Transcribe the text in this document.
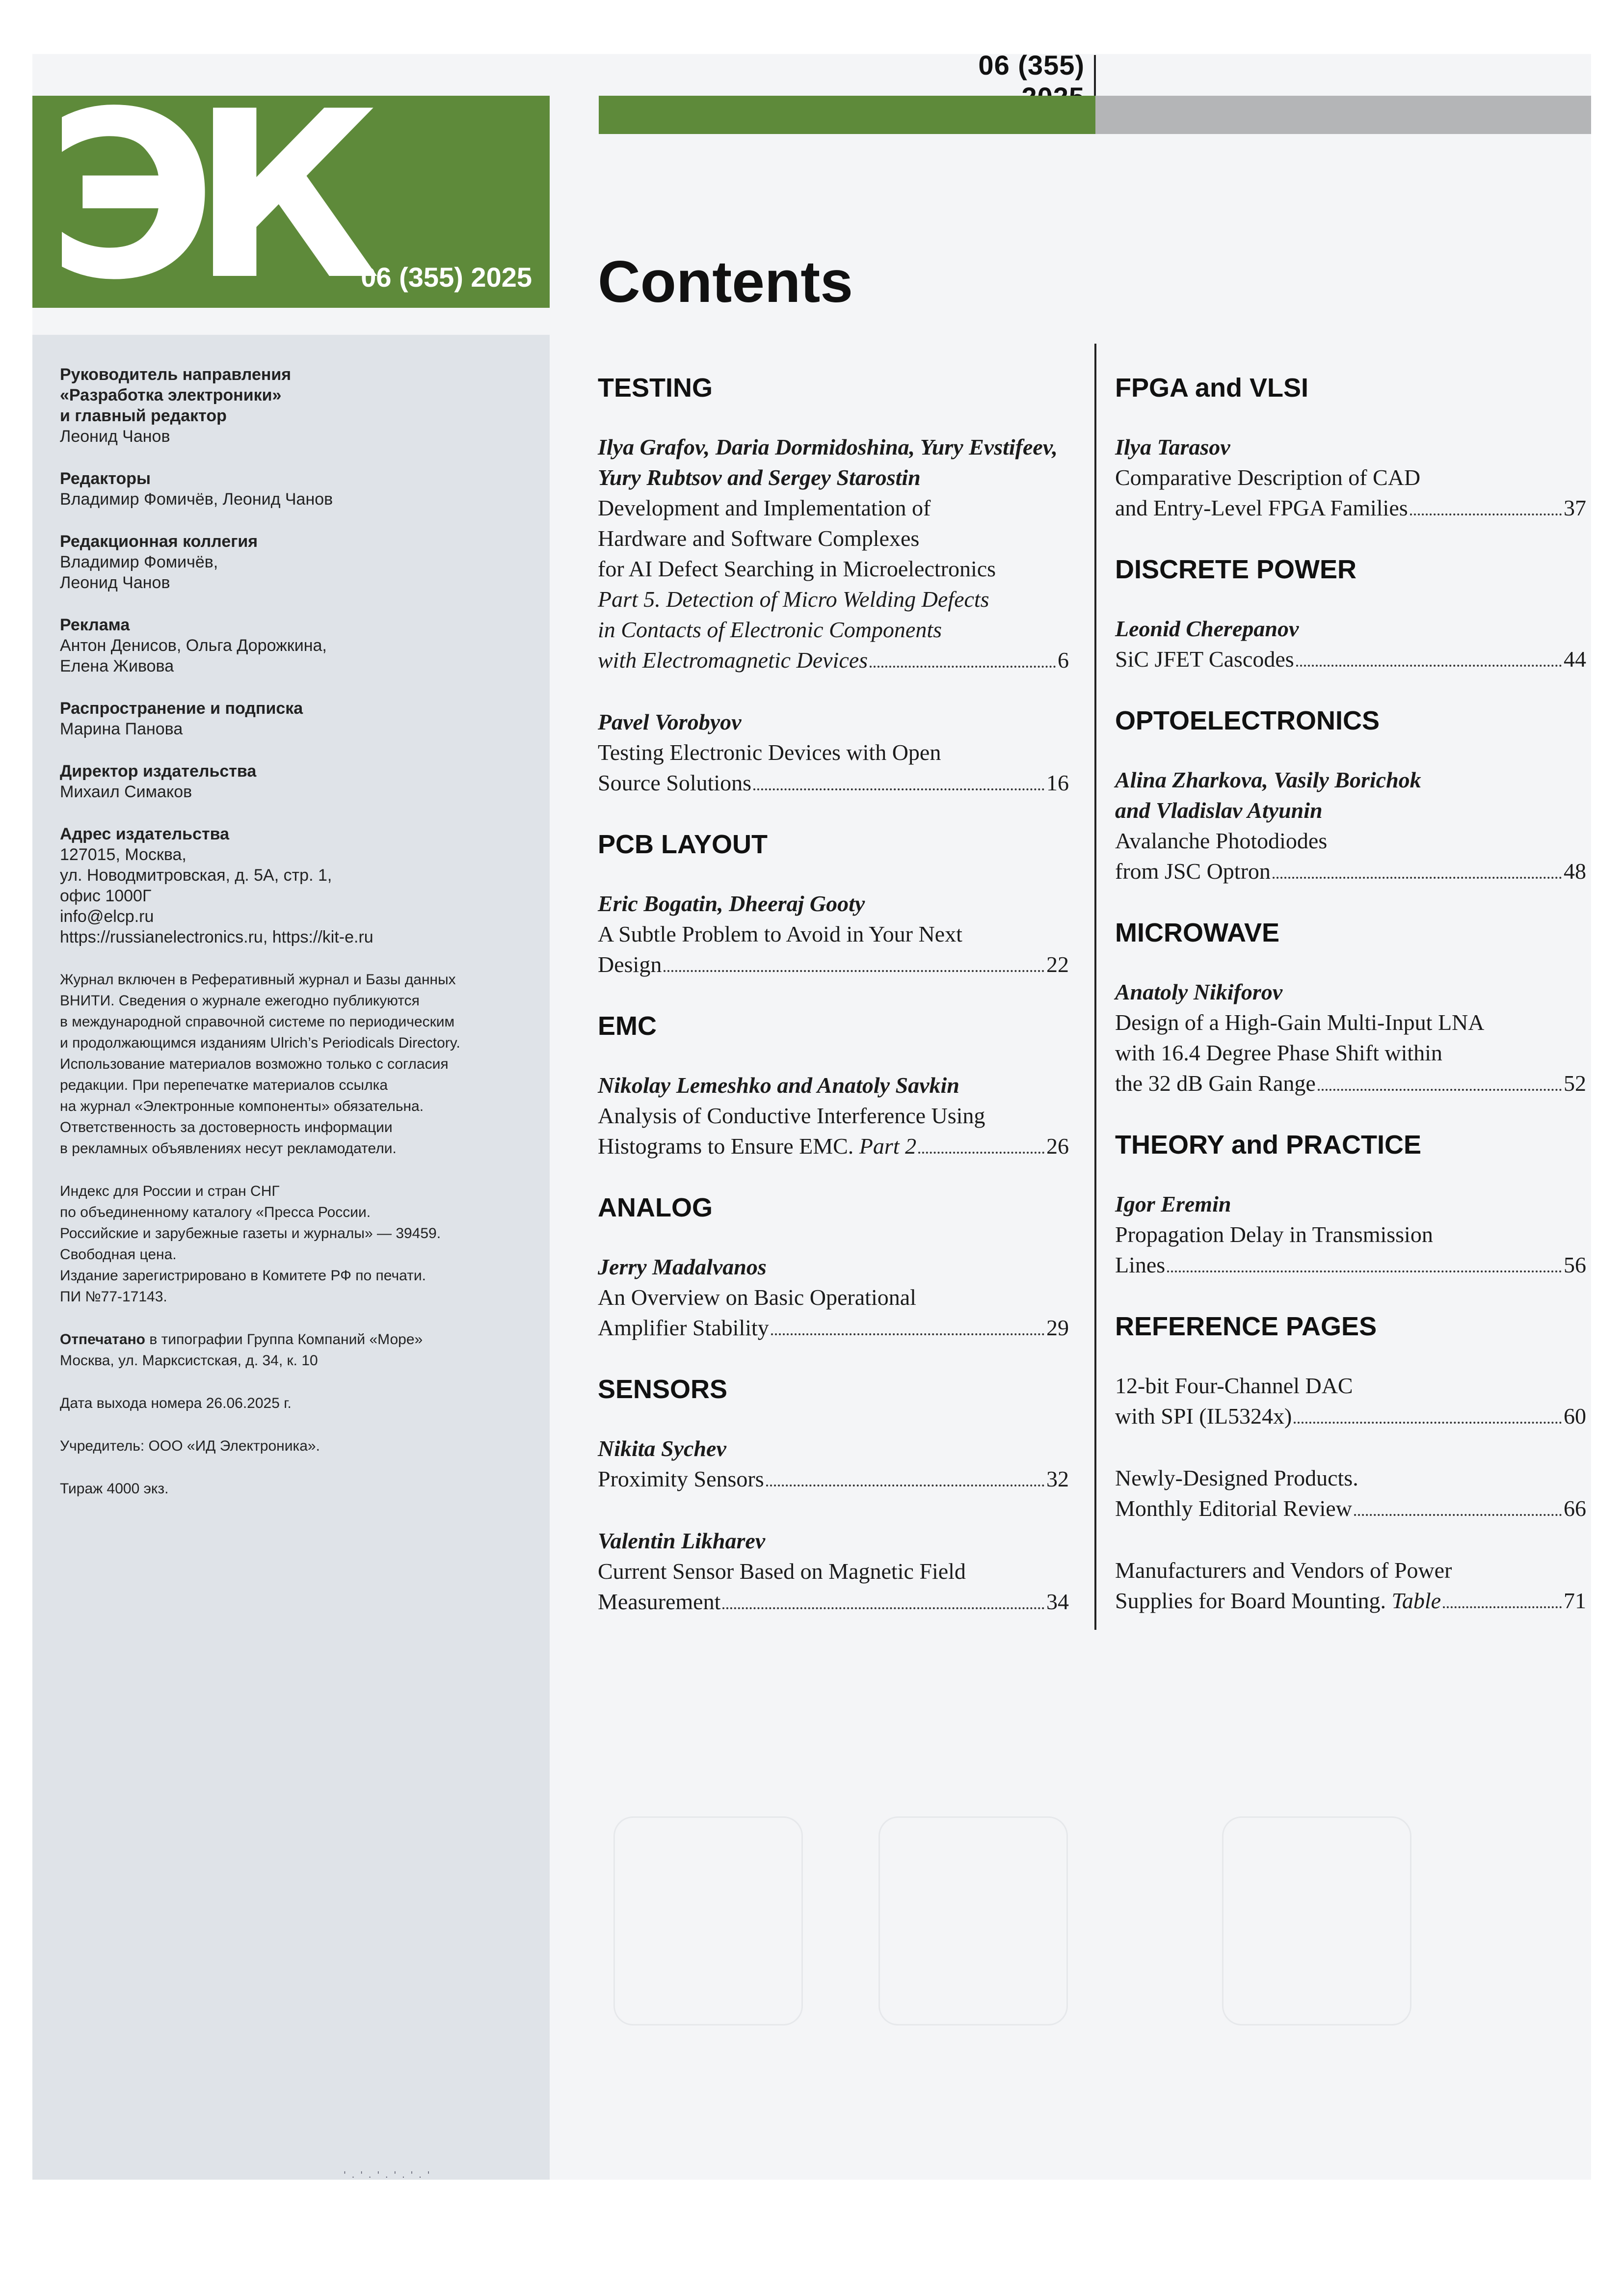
06 (355)
ЭК 06 (355) 2025 Contents
Руководитель направления
«Разработка электроники»
и главный редактор
Леонид Чанов
Редакторы
Владимир Фомичёв, Леонид Чанов
Редакционная коллегия
Владимир Фомичёв,
Леонид Чанов
Реклама
Антон Денисов, Ольга Дорожкина,
Елена Живова
Распространение и подписка
Марина Панова
Директор издательства
Михаил Симаков
Адрес издательства
127015, Москва,
ул. Новодмитровская, д. 5А, стр. 1,
офис 1000Г
info@elcp.ru
https://russianelectronics.ru, https://kit-e.ru
Журнал включен в Реферативный журнал и Базы данных
ВНИТИ. Сведения о журнале ежегодно публикуются
в международной справочной системе по периодическим
и продолжающимся изданиям Ulrich’s Periodicals Directory.
Использование материалов возможно только с согласия
редакции. При перепечатке материалов ссылка
на журнал «Электронные компоненты» обязательна.
Ответственность за достоверность информации
в рекламных объявлениях несут рекламодатели.
Индекс для России и стран СНГ
по объединенному каталогу «Пресса России.
Российские и зарубежные газеты и журналы» — 39459.
Свободная цена.
Издание зарегистрировано в Комитете РФ по печати.
ПИ №77-17143.
Отпечатано в типографии Группа Компаний «Море»
Москва, ул. Марксистская, д. 34, к. 10
Дата выхода номера 26.06.2025 г.
Учредитель: ООО «ИД Электроника».
Тираж 4000 экз.
TESTING
Ilya Grafov, Daria Dormidoshina, Yury Evstifeev,
Yury Rubtsov and Sergey Starostin
Development and Implementation of
Hardware and Software Complexes
for AI Defect Searching in Microelectronics
Part 5. Detection of Micro Welding Defects
in Contacts of Electronic Components
with Electromagnetic Devices	6
Pavel Vorobyov
Testing Electronic Devices with Open
Source Solutions	16
PCB LAYOUT
Eric Bogatin, Dheeraj Gooty
A Subtle Problem to Avoid in Your Next
Design	22
EMC
Nikolay Lemeshko and Anatoly Savkin
Analysis of Conductive Interference Using
Histograms to Ensure EMC. Part 2	26
ANALOG
Jerry Madalvanos
An Overview on Basic Operational
Amplifier Stability	29
SENSORS
Nikita Sychev
Proximity Sensors	32
Valentin Likharev
Current Sensor Based on Magnetic Field
Measurement	34
FPGA and VLSI
Ilya Tarasov
Comparative Description of CAD
and Entry-Level FPGA Families	37
DISCRETE POWER
Leonid Cherepanov
SiC JFET Cascodes	44
OPTOELECTRONICS
Alina Zharkova, Vasily Borichok
and Vladislav Atyunin
Avalanche Photodiodes
from JSC Optron	48
MICROWAVE
Anatoly Nikiforov
Design of a High-Gain Multi-Input LNA
with 16.4 Degree Phase Shift within
the 32 dB Gain Range	52
THEORY and PRACTICE
Igor Eremin
Propagation Delay in Transmission
Lines	56
REFERENCE PAGES
12-bit Four-Channel DAC
with SPI (IL5324x)	60
Newly-Designed Products.
Monthly Editorial Review	66
Manufacturers and Vendors of Power
Supplies for Board Mounting. Table	71
' . ' . ' . ' . ' . '
